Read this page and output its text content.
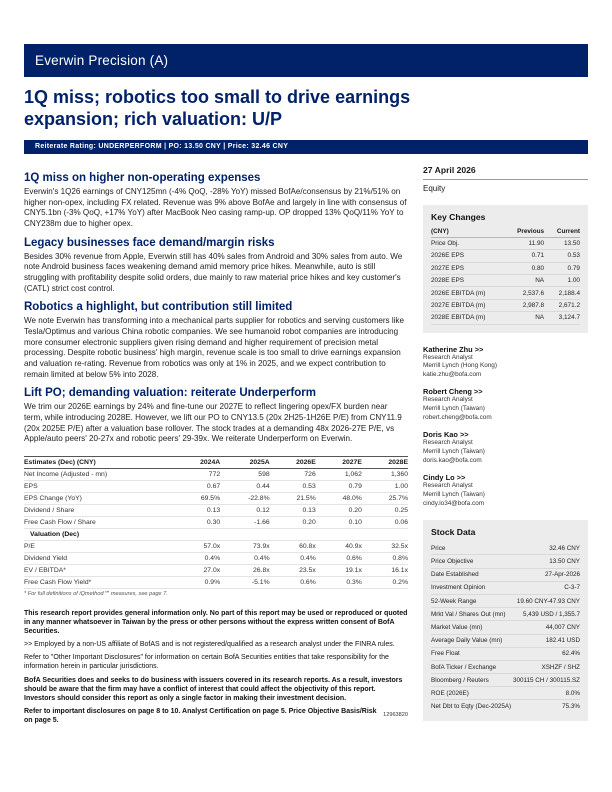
Everwin Precision (A)
1Q miss; robotics too small to drive earnings expansion; rich valuation: U/P
Reiterate Rating: UNDERPERFORM | PO: 13.50 CNY | Price: 32.46 CNY
1Q miss on higher non-operating expenses

Everwin's 1Q26 earnings of CNY125mn (-4% QoQ, -28% YoY) missed BofAe/consensus by 21%/51% on higher non-opex, including FX related. Revenue was 9% above BofAe and largely in line with consensus of CNY5.1bn (-3% QoQ, +17% YoY) after MacBook Neo casing ramp-up. OP dropped 13% QoQ/11% YoY to CNY238m due to higher opex.

Legacy businesses face demand/margin risks

Besides 30% revenue from Apple, Everwin still has 40% sales from Android and 30% sales from auto. We note Android business faces weakening demand amid memory price hikes. Meanwhile, auto is still struggling with profitability despite solid orders, due mainly to raw material price hikes and key customer's (CATL) strict cost control.

Robotics a highlight, but contribution still limited

We note Everwin has transforming into a mechanical parts supplier for robotics and serving customers like Tesla/Optimus and various China robotic companies. We see humanoid robot companies are introducing more consumer electronic suppliers given rising demand and higher requirement of precision metal processing. Despite robotic business' high margin, revenue scale is too small to drive earnings expansion and valuation re-rating. Revenue from robotics was only at 1% in 2025, and we expect contribution to remain limited at below 5% into 2028.

Lift PO; demanding valuation: reiterate Underperform

We trim our 2026E earnings by 24% and fine-tune our 2027E to reflect lingering opex/FX burden near term, while introducing 2028E. However, we lift our PO to CNY13.5 (20x 2H25-1H26E P/E) from CNY11.9 (20x 2025E P/E) after a valuation base rollover. The stock trades at a demanding 48x 2026-27E P/E, vs Apple/auto peers' 20-27x and robotic peers' 29-39x. We reiterate Underperform on Everwin.

Estimates (Dec) (CNY)	2024A	2025A	2026E	2027E	2028E
Net Income (Adjusted - mn)	772	598	726	1,062	1,360
EPS	0.67	0.44	0.53	0.79	1.00
EPS Change (YoY)	69.5%	-22.8%	21.5%	48.0%	25.7%
Dividend / Share	0.13	0.12	0.13	0.20	0.25
Free Cash Flow / Share	0.30	-1.66	0.20	0.10	0.06
Valuation (Dec)					
P/E	57.0x	73.9x	60.8x	40.9x	32.5x
Dividend Yield	0.4%	0.4%	0.4%	0.6%	0.8%
EV / EBITDA*	27.0x	26.8x	23.5x	19.1x	16.1x
Free Cash Flow Yield*	0.9%	-5.1%	0.6%	0.3%	0.2%
* For full definitions of iQmethod℠ measures, see page 7.

This research report provides general information only. No part of this report may be used or reproduced or quoted in any manner whatsoever in Taiwan by the press or other persons without the express written consent of BofA Securities.

>> Employed by a non-US affiliate of BofAS and is not registered/qualified as a research analyst under the FINRA rules.

Refer to "Other Important Disclosures" for information on certain BofA Securities entities that take responsibility for the information herein in particular jurisdictions.

BofA Securities does and seeks to do business with issuers covered in its research reports. As a result, investors should be aware that the firm may have a conflict of interest that could affect the objectivity of this report. Investors should consider this report as only a single factor in making their investment decision.

12963820

Refer to important disclosures on page 8 to 10. Analyst Certification on page 5. Price Objective Basis/Risk on page 5.

27 April 2026
Equity
Key Changes
(CNY)	Previous	Current
Price Obj.	11.90	13.50
2026E EPS	0.71	0.53
2027E EPS	0.80	0.79
2028E EPS	NA	1.00
2026E EBITDA (m)	2,537.6	2,188.4
2027E EBITDA (m)	2,987.8	2,671.2
2028E EBITDA (m)	NA	3,124.7
Katherine Zhu >>
Research Analyst
Merrill Lynch (Hong Kong)
katie.zhu@bofa.com
Robert Cheng >>
Research Analyst
Merrill Lynch (Taiwan)
robert.cheng@bofa.com
Doris Kao >>
Research Analyst
Merrill Lynch (Taiwan)
doris.kao@bofa.com
Cindy Lo >>
Research Analyst
Merrill Lynch (Taiwan)
cindy.lo34@bofa.com
Stock Data
Price	32.46 CNY
Price Objective	13.50 CNY
Date Established	27-Apr-2026
Investment Opinion	C-3-7
52-Week Range	19.60 CNY-47.93 CNY
Mrkt Val / Shares Out (mn)	5,439 USD / 1,355.7
Market Value (mn)	44,007 CNY
Average Daily Value (mn)	182.41 USD
Free Float	62.4%
BofA Ticker / Exchange	XSHZF / SHZ
Bloomberg / Reuters	300115 CH / 300115.SZ
ROE (2026E)	8.0%
Net Dbt to Eqty (Dec-2025A)	75.3%
